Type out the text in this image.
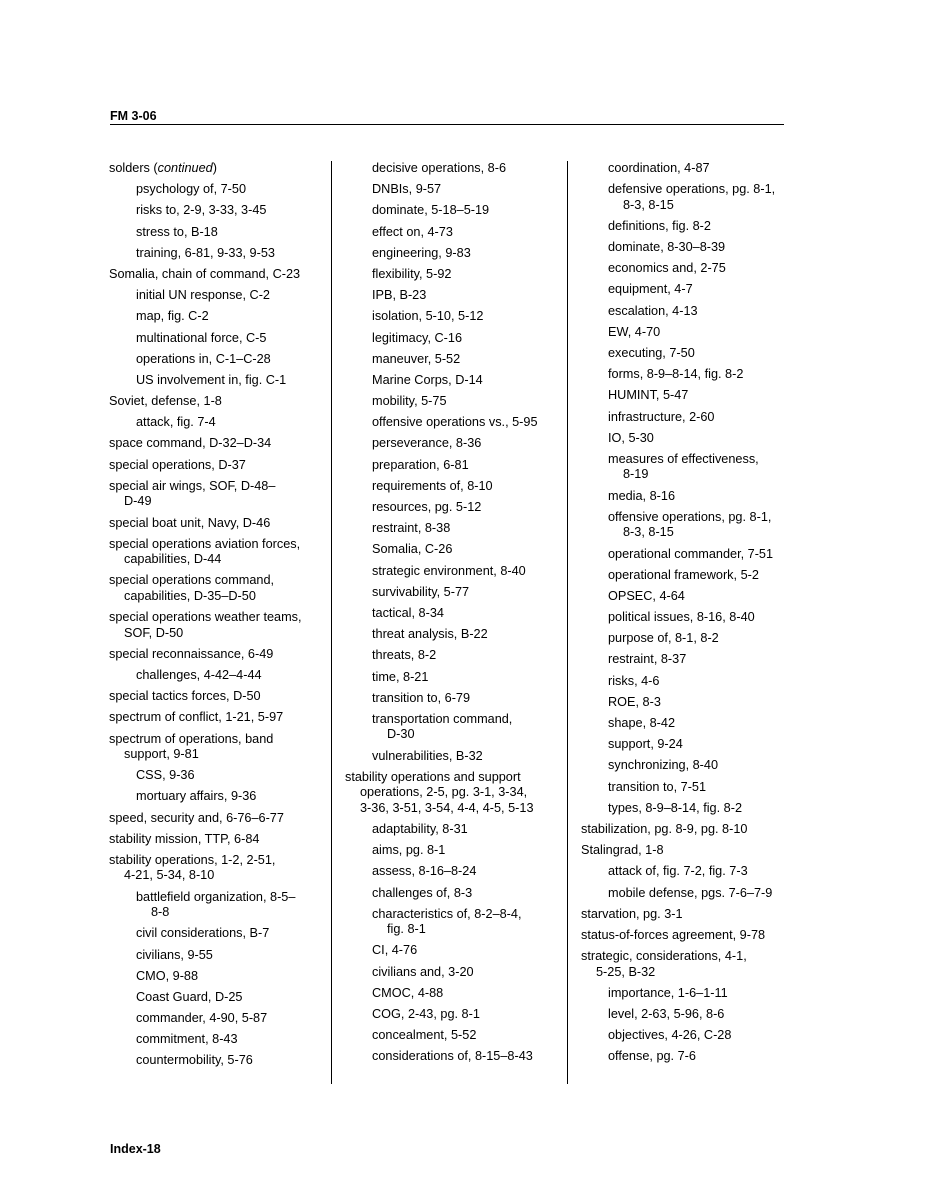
FM 3-06
solders (continued)
psychology of, 7-50
risks to, 2-9, 3-33, 3-45
stress to, B-18
training, 6-81, 9-33, 9-53
Somalia, chain of command, C-23
initial UN response, C-2
map, fig. C-2
multinational force, C-5
operations in, C-1–C-28
US involvement in, fig. C-1
Soviet, defense, 1-8
attack, fig. 7-4
space command, D-32–D-34
special operations, D-37
special air wings, SOF, D-48–
D-49
special boat unit, Navy, D-46
special operations aviation forces,
capabilities, D-44
special operations command,
capabilities, D-35–D-50
special operations weather teams,
SOF, D-50
special reconnaissance, 6-49
challenges, 4-42–4-44
special tactics forces, D-50
spectrum of conflict, 1-21, 5-97
spectrum of operations, band
support, 9-81
CSS, 9-36
mortuary affairs, 9-36
speed, security and, 6-76–6-77
stability mission, TTP, 6-84
stability operations, 1-2, 2-51,
4-21, 5-34, 8-10
battlefield organization, 8-5–
8-8
civil considerations, B-7
civilians, 9-55
CMO, 9-88
Coast Guard, D-25
commander, 4-90, 5-87
commitment, 8-43
countermobility, 5-76
decisive operations, 8-6
DNBIs, 9-57
dominate, 5-18–5-19
effect on, 4-73
engineering, 9-83
flexibility, 5-92
IPB, B-23
isolation, 5-10, 5-12
legitimacy, C-16
maneuver, 5-52
Marine Corps, D-14
mobility, 5-75
offensive operations vs., 5-95
perseverance, 8-36
preparation, 6-81
requirements of, 8-10
resources, pg. 5-12
restraint, 8-38
Somalia, C-26
strategic environment, 8-40
survivability, 5-77
tactical, 8-34
threat analysis, B-22
threats, 8-2
time, 8-21
transition to, 6-79
transportation command,
D-30
vulnerabilities, B-32
stability operations and support
operations, 2-5, pg. 3-1, 3-34,
3-36, 3-51, 3-54, 4-4, 4-5, 5-13
adaptability, 8-31
aims, pg. 8-1
assess, 8-16–8-24
challenges of, 8-3
characteristics of, 8-2–8-4,
fig. 8-1
CI, 4-76
civilians and, 3-20
CMOC, 4-88
COG, 2-43, pg. 8-1
concealment, 5-52
considerations of, 8-15–8-43
coordination, 4-87
defensive operations, pg. 8-1,
8-3, 8-15
definitions, fig. 8-2
dominate, 8-30–8-39
economics and, 2-75
equipment, 4-7
escalation, 4-13
EW, 4-70
executing, 7-50
forms, 8-9–8-14, fig. 8-2
HUMINT, 5-47
infrastructure, 2-60
IO, 5-30
measures of effectiveness,
8-19
media, 8-16
offensive operations, pg. 8-1,
8-3, 8-15
operational commander, 7-51
operational framework, 5-2
OPSEC, 4-64
political issues, 8-16, 8-40
purpose of, 8-1, 8-2
restraint, 8-37
risks, 4-6
ROE, 8-3
shape, 8-42
support, 9-24
synchronizing, 8-40
transition to, 7-51
types, 8-9–8-14, fig. 8-2
stabilization, pg. 8-9, pg. 8-10
Stalingrad, 1-8
attack of, fig. 7-2, fig. 7-3
mobile defense, pgs. 7-6–7-9
starvation, pg. 3-1
status-of-forces agreement, 9-78
strategic, considerations, 4-1,
5-25, B-32
importance, 1-6–1-11
level, 2-63, 5-96, 8-6
objectives, 4-26, C-28
offense, pg. 7-6
Index-18
